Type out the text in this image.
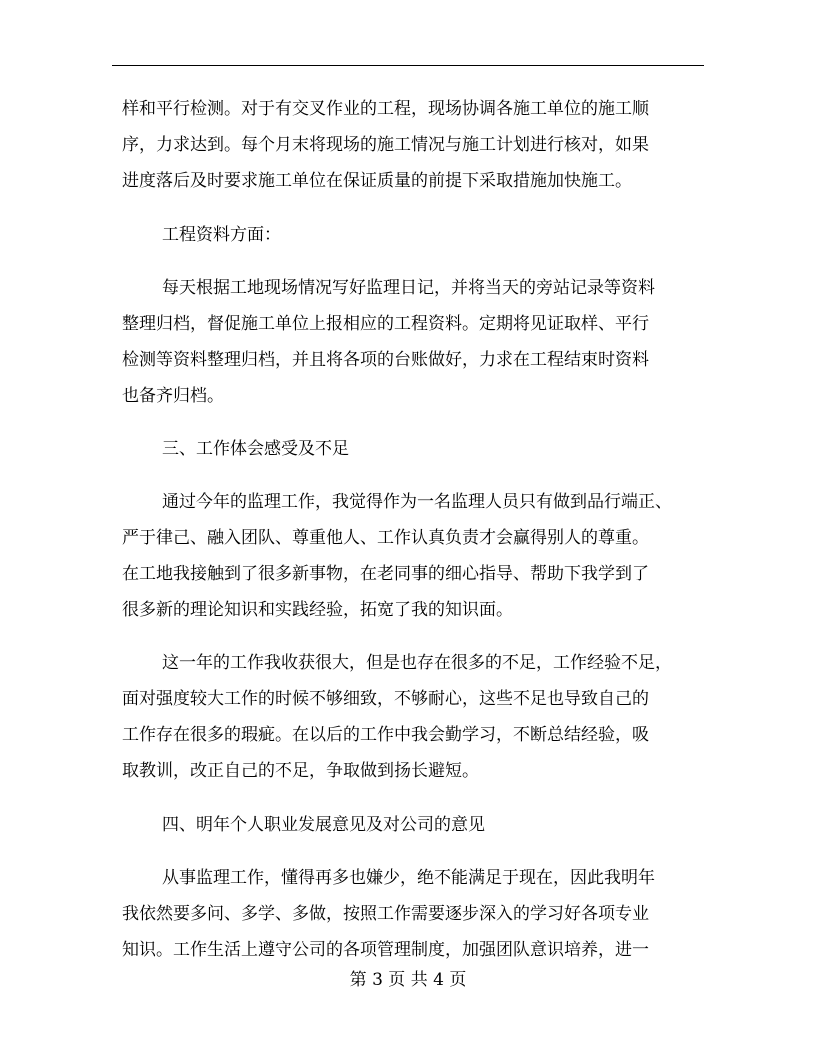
样和平行检测。对于有交叉作业的工程，现场协调各施工单位的施工顺
序，力求达到。每个月末将现场的施工情况与施工计划进行核对，如果
进度落后及时要求施工单位在保证质量的前提下采取措施加快施工。
工程资料方面：
每天根据工地现场情况写好监理日记，并将当天的旁站记录等资料
整理归档，督促施工单位上报相应的工程资料。定期将见证取样、平行
检测等资料整理归档，并且将各项的台账做好，力求在工程结束时资料
也备齐归档。
三、工作体会感受及不足
通过今年的监理工作，我觉得作为一名监理人员只有做到品行端正、
严于律己、融入团队、尊重他人、工作认真负责才会赢得别人的尊重。
在工地我接触到了很多新事物，在老同事的细心指导、帮助下我学到了
很多新的理论知识和实践经验，拓宽了我的知识面。
这一年的工作我收获很大，但是也存在很多的不足，工作经验不足，
面对强度较大工作的时候不够细致，不够耐心，这些不足也导致自己的
工作存在很多的瑕疵。在以后的工作中我会勤学习，不断总结经验，吸
取教训，改正自己的不足，争取做到扬长避短。
四、明年个人职业发展意见及对公司的意见
从事监理工作，懂得再多也嫌少，绝不能满足于现在，因此我明年
我依然要多问、多学、多做，按照工作需要逐步深入的学习好各项专业
知识。工作生活上遵守公司的各项管理制度，加强团队意识培养，进一
第 3 页 共 4 页
